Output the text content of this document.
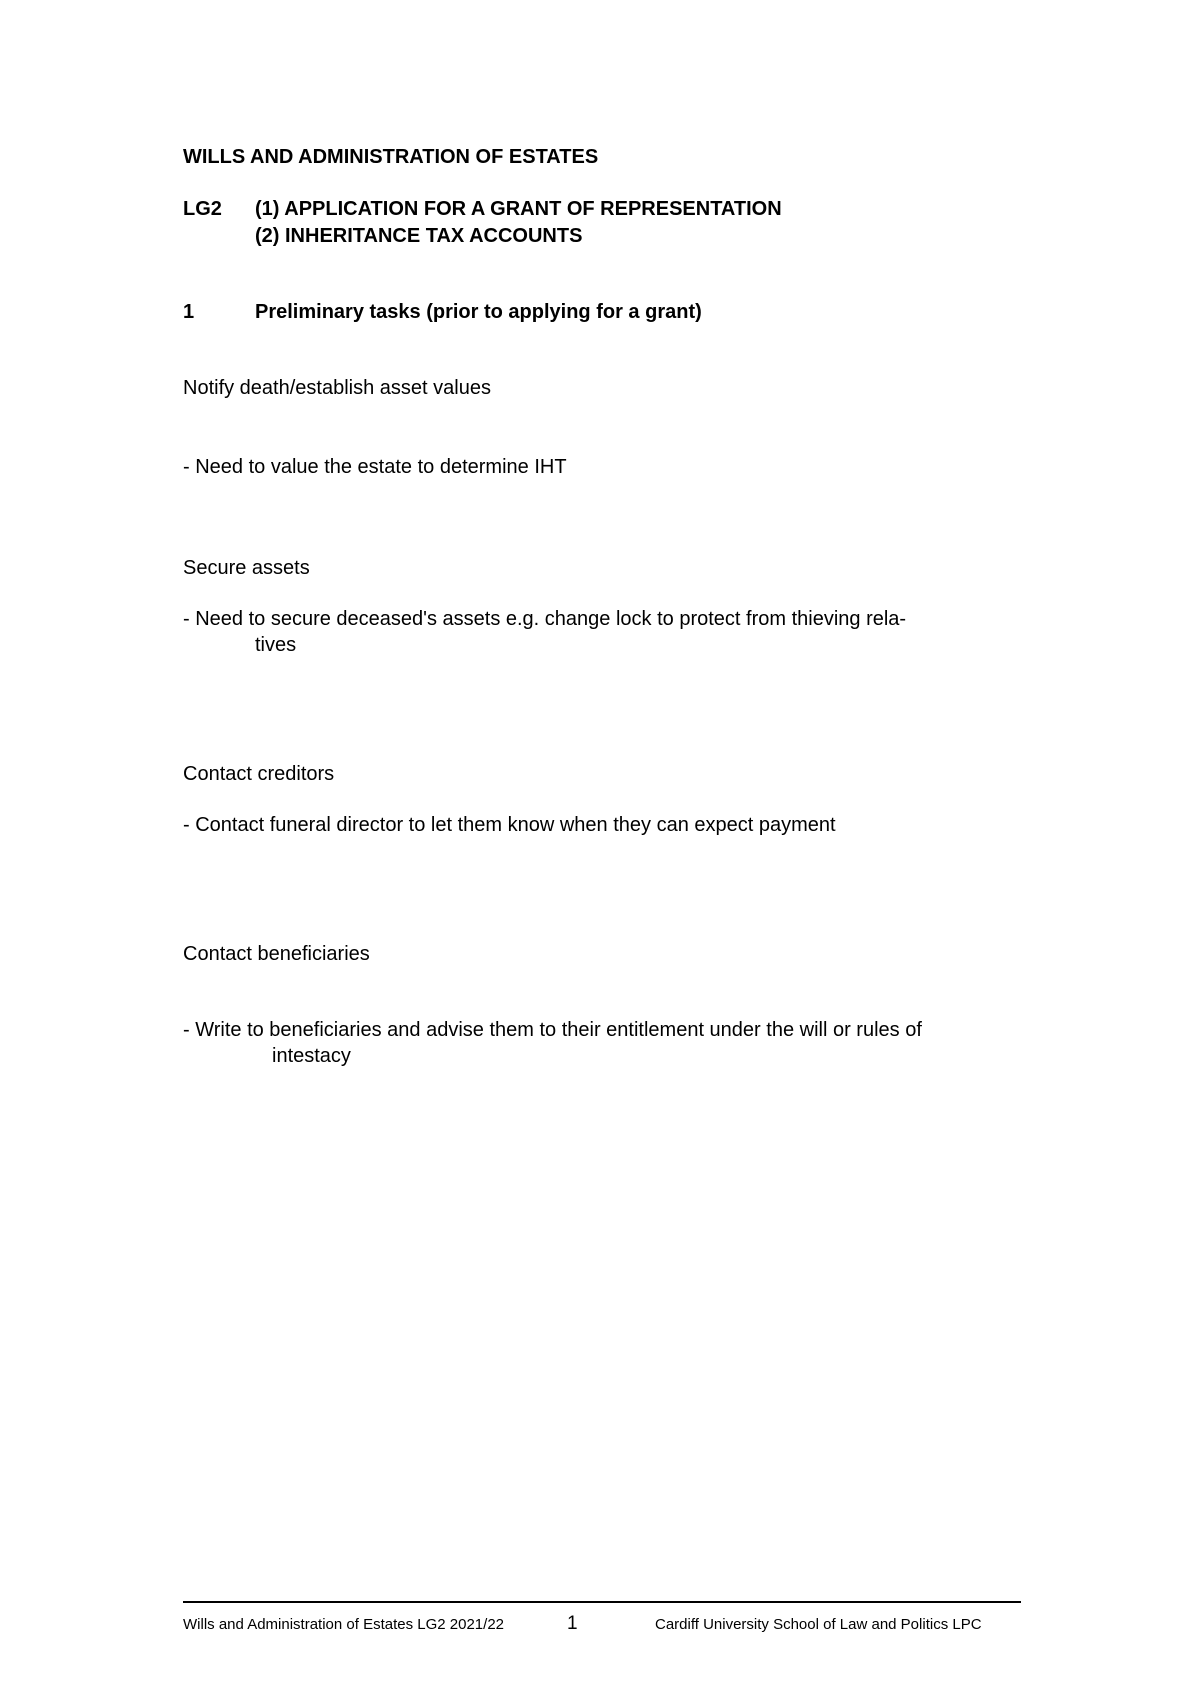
WILLS AND ADMINISTRATION OF ESTATES
LG2 (1) APPLICATION FOR A GRANT OF REPRESENTATION
(2) INHERITANCE TAX ACCOUNTS
1	Preliminary tasks (prior to applying for a grant)
Notify death/establish asset values
- Need to value the estate to determine IHT
Secure assets
- Need to secure deceased's assets e.g. change lock to protect from thieving rela-
tives
Contact creditors
- Contact funeral director to let them know when they can expect payment
Contact beneficiaries
- Write to beneficiaries and advise them to their entitlement under the will or rules of
intestacy
Wills and Administration of Estates LG2 2021/22	1	Cardiff University School of Law and Politics LPC
